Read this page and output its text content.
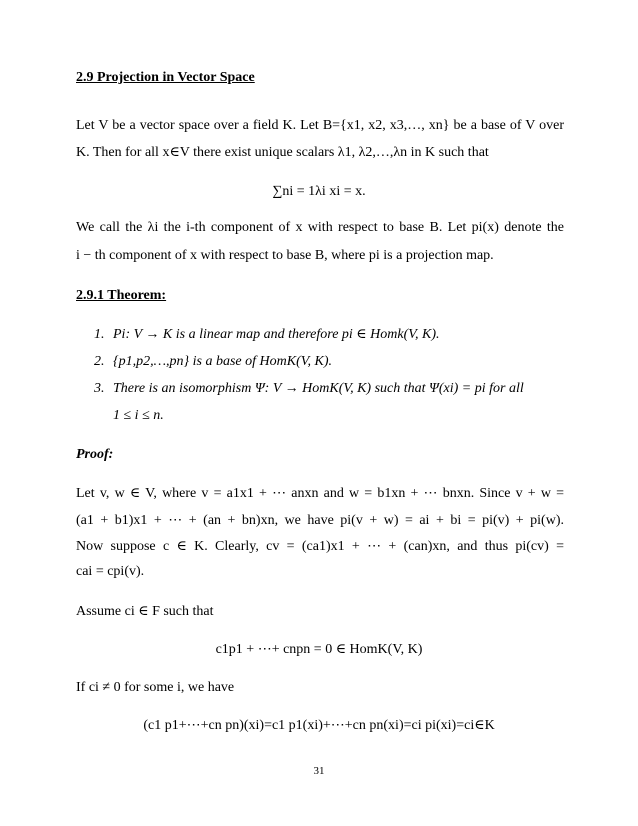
2.9 Projection in Vector Space
Let V be a vector space over a field K. Let B={x1, x2, x3,…, xn} be a base of V over
K. Then for all x∈V there exist unique scalars λ1, λ2,…,λn in K such that
∑ni = 1λi xi = x.
We call the λi the i-th component of x with respect to base B. Let pi(x) denote the
i − th component of x with respect to base B, where pi is a projection map.
2.9.1 Theorem:
1. Pi: V → K is a linear map and therefore pi ∈ Homk(V, K).
2. {p1,p2,…,pn} is a base of HomK(V, K).
3. There is an isomorphism Ψ: V → HomK(V, K) such that Ψ(xi) = pi for all
1 ≤ i ≤ n.
Proof:
Let v, w ∈ V, where v = a1x1 + ⋯ anxn and w = b1xn + ⋯ bnxn. Since v + w =
(a1 + b1)x1 + ⋯ + (an + bn)xn, we have pi(v + w) = ai + bi = pi(v) + pi(w).
Now suppose c ∈ K. Clearly, cv = (ca1)x1 + ⋯ + (can)xn, and thus pi(cv) =
cai = cpi(v).
Assume ci ∈ F such that
c1p1 + ⋯+ cnpn = 0 ∈ HomK(V, K)
If ci ≠ 0 for some i, we have
(c1 p1+⋯+cn pn)(xi)=c1 p1(xi)+⋯+cn pn(xi)=ci pi(xi)=ci∈K
31
